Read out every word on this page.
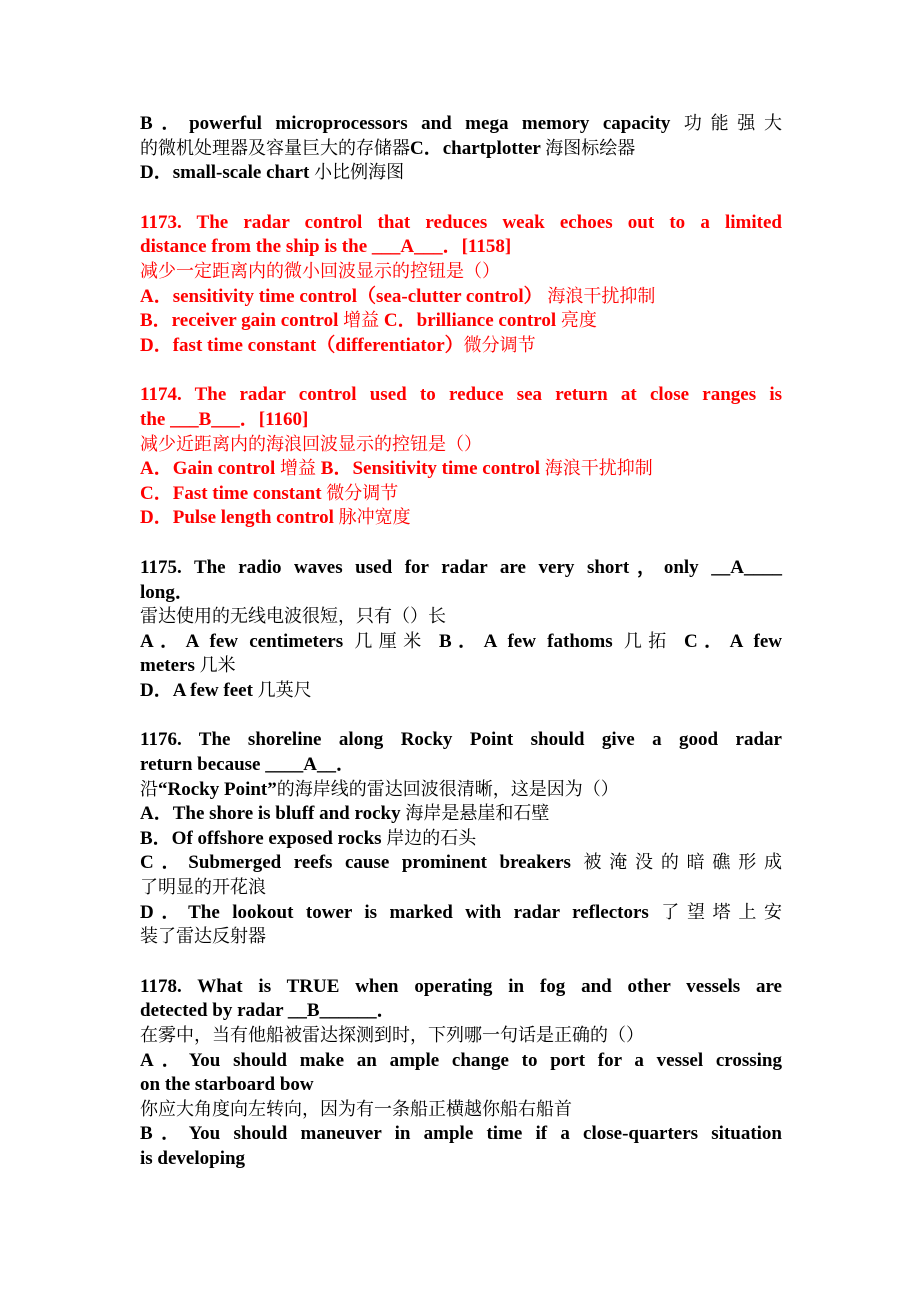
B．powerful microprocessors and mega memory capacity 功能强大
的微机处理器及容量巨大的存储器C．chartplotter 海图标绘器
D．small-scale chart 小比例海图
1173. The radar control that reduces weak echoes out to a limited
distance from the ship is the ___A___．[1158]
减少一定距离内的微小回波显示的控钮是（）
A．sensitivity time control（sea-clutter control） 海浪干扰抑制
B．receiver gain control 增益 C．brilliance control 亮度
D．fast time constant（differentiator）微分调节
1174. The radar control used to reduce sea return at close ranges is
the ___B___．[1160]
减少近距离内的海浪回波显示的控钮是（）
A．Gain control 增益 B．Sensitivity time control 海浪干扰抑制
C．Fast time constant 微分调节
D．Pulse length control 脉冲宽度
1175. The radio waves used for radar are very short，only __A____
long．
雷达使用的无线电波很短，只有（）长
A．A few centimeters 几厘米 B．A few fathoms 几拓 C．A few
meters 几米
D．A few feet 几英尺
1176. The shoreline along Rocky Point should give a good radar
return because ____A__．
沿“Rocky Point”的海岸线的雷达回波很清晰，这是因为（）
A．The shore is bluff and rocky 海岸是悬崖和石壁
B．Of offshore exposed rocks 岸边的石头
C．Submerged reefs cause prominent breakers 被淹没的暗礁形成
了明显的开花浪
D．The lookout tower is marked with radar reflectors 了望塔上安
装了雷达反射器
1178. What is TRUE when operating in fog and other vessels are
detected by radar __B______．
在雾中，当有他船被雷达探测到时，下列哪一句话是正确的（）
A．You should make an ample change to port for a vessel crossing
on the starboard bow
你应大角度向左转向，因为有一条船正横越你船右船首
B．You should maneuver in ample time if a close-quarters situation
is developing
